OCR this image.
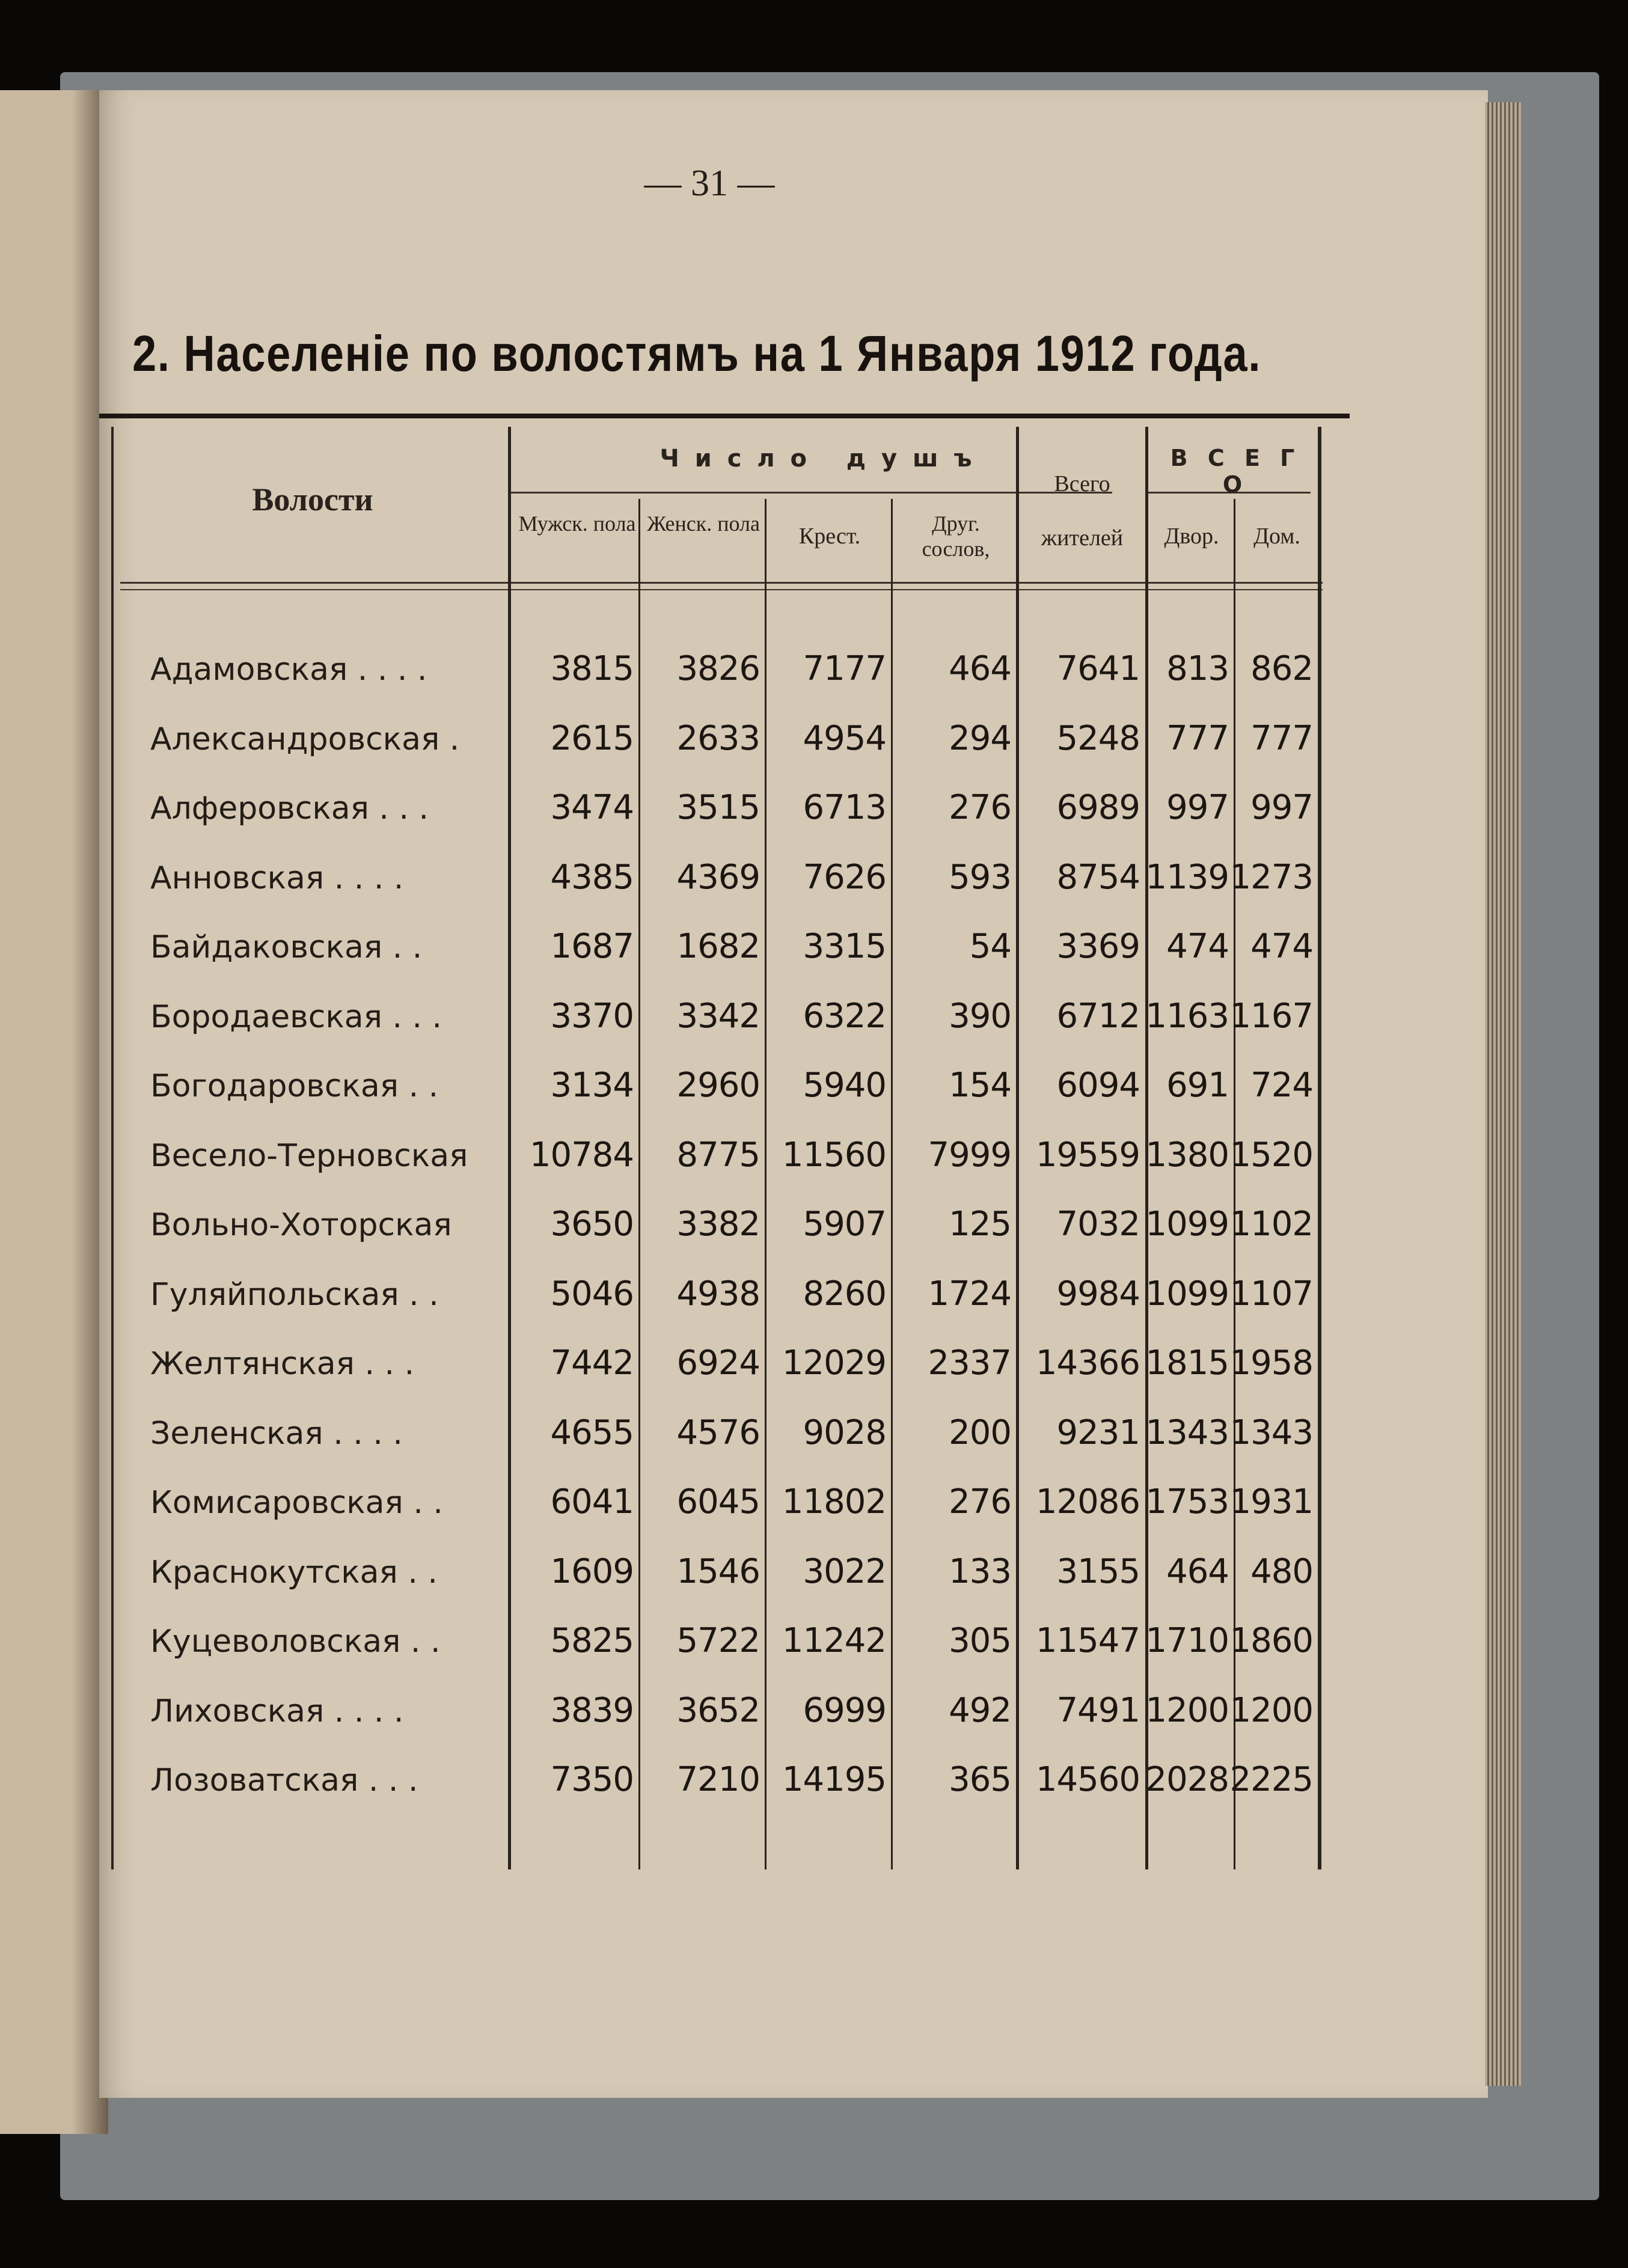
— 31 —
2. Населеніе по волостямъ на 1 Января 1912 года.
Волости
Ч и с л о   д у ш ъ
Мужск. пола Женск. пола	Крест.	Друг. сослов,
Всего жителей
В С Е Г О
Двор.	Дом.
Адамовская . . . .	3815 3826 7177 464 7641 813 862
Александровская .	2615 2633 4954 294 5248 777 777
Алферовская . . .	3474 3515 6713 276 6989 997 997
Анновская . . . .	4385 4369 7626 593 8754 1139 1273
Байдаковская . .	1687 1682 3315 54 3369 474 474
Бородаевская . . .	3370 3342 6322 390 6712 1163 1167
Богодаровская . .	3134 2960 5940 154 6094 691 724
Весело-Терновская	10784 8775 11560 7999 19559 1380 1520
Вольно-Хоторская	3650 3382 5907 125 7032 1099 1102
Гуляйпольская . .	5046 4938 8260 1724 9984 1099 1107
Желтянская . . .	7442 6924 12029 2337 14366 1815 1958
Зеленская . . . .	4655 4576 9028 200 9231 1343 1343
Комисаровская . .	6041 6045 11802 276 12086 1753 1931
Краснокутская . .	1609 1546 3022 133 3155 464 480
Куцеволовская . .	5825 5722 11242 305 11547 1710 1860
Лиховская . . . .	3839 3652 6999 492 7491 1200 1200
Лозоватская . . .	7350 7210 14195 365 14560 2028 2225
